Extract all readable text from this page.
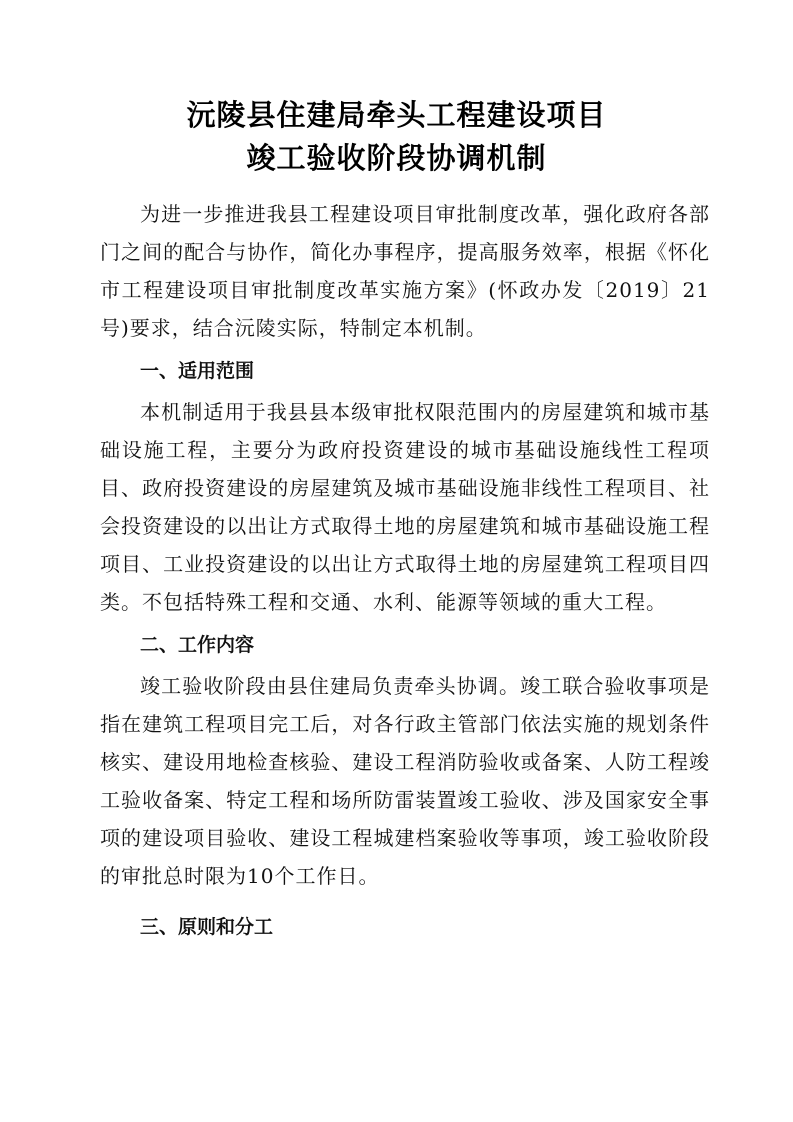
沅陵县住建局牵头工程建设项目
竣工验收阶段协调机制

为进一步推进我县工程建设项目审批制度改革，强化政府各部门之间的配合与协作，简化办事程序，提高服务效率，根据《怀化市工程建设项目审批制度改革实施方案》(怀政办发〔2019〕21号)要求，结合沅陵实际，特制定本机制。

一、适用范围

本机制适用于我县县本级审批权限范围内的房屋建筑和城市基础设施工程，主要分为政府投资建设的城市基础设施线性工程项目、政府投资建设的房屋建筑及城市基础设施非线性工程项目、社会投资建设的以出让方式取得土地的房屋建筑和城市基础设施工程项目、工业投资建设的以出让方式取得土地的房屋建筑工程项目四类。不包括特殊工程和交通、水利、能源等领域的重大工程。

二、工作内容

竣工验收阶段由县住建局负责牵头协调。竣工联合验收事项是指在建筑工程项目完工后，对各行政主管部门依法实施的规划条件核实、建设用地检查核验、建设工程消防验收或备案、人防工程竣工验收备案、特定工程和场所防雷装置竣工验收、涉及国家安全事项的建设项目验收、建设工程城建档案验收等事项，竣工验收阶段的审批总时限为10个工作日。

三、原则和分工
